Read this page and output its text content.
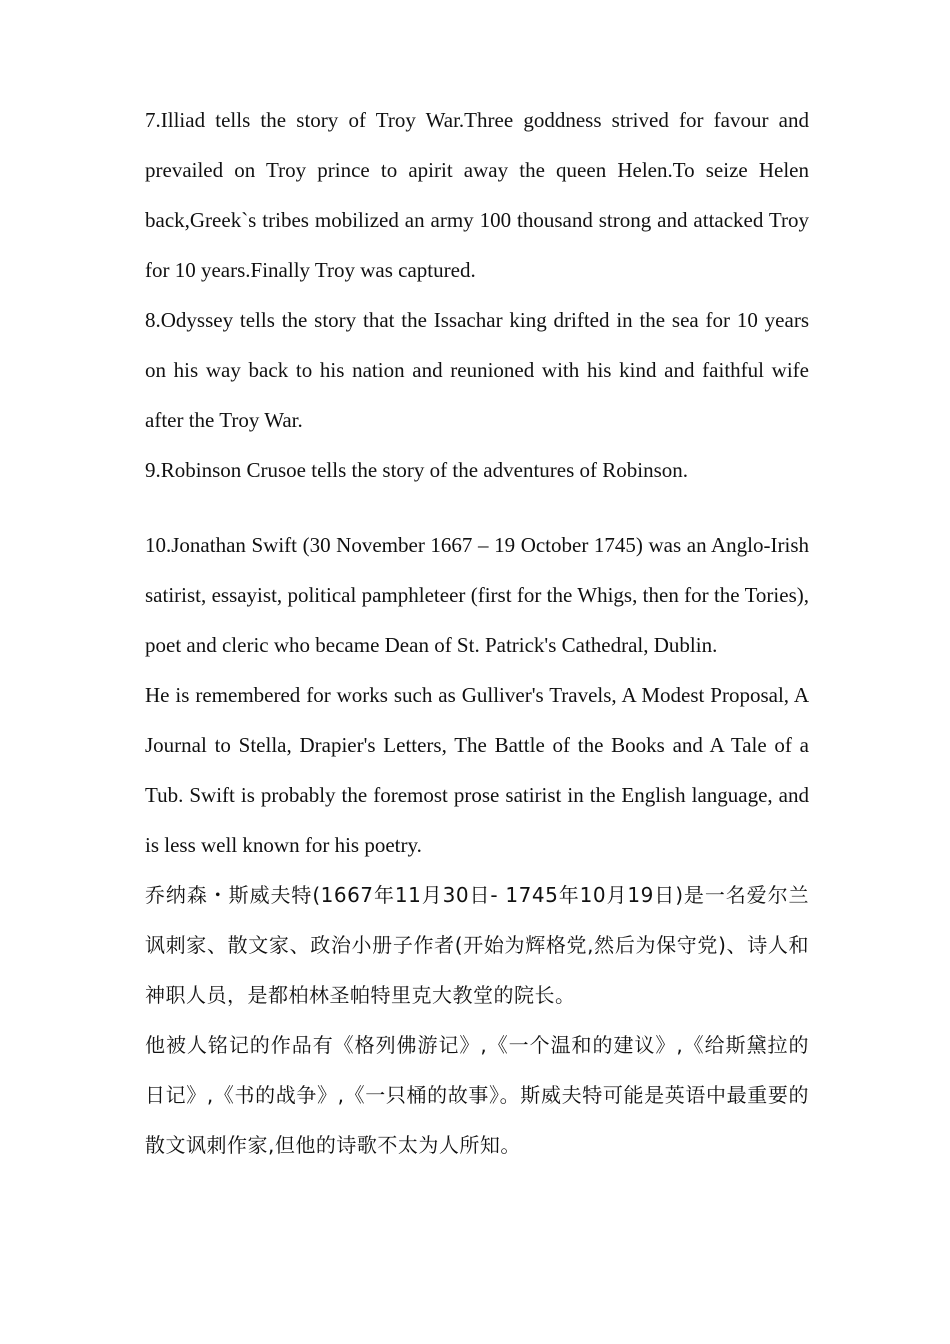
7.Illiad tells the story of Troy War.Three goddness strived for favour and prevailed on Troy prince to apirit away the queen Helen.To seize Helen back,Greek`s tribes mobilized an army 100 thousand strong and attacked Troy for 10 years.Finally Troy was captured.

8.Odyssey tells the story that the Issachar king drifted in the sea for 10 years on his way back to his nation and reunioned with his kind and faithful wife after the Troy War.

9.Robinson Crusoe tells the story of the adventures of Robinson.

10.Jonathan Swift (30 November 1667 – 19 October 1745) was an Anglo-Irish satirist, essayist, political pamphleteer (first for the Whigs, then for the Tories), poet and cleric who became Dean of St. Patrick's Cathedral, Dublin.

He is remembered for works such as Gulliver's Travels, A Modest Proposal, A Journal to Stella, Drapier's Letters, The Battle of the Books and A Tale of a Tub. Swift is probably the foremost prose satirist in the English language, and is less well known for his poetry.

乔纳森・斯威夫特(1667年11月30日- 1745年10月19日)是一名爱尔兰讽刺家、散文家、政治小册子作者(开始为辉格党,然后为保守党)、诗人和神职人员，是都柏林圣帕特里克大教堂的院长。

他被人铭记的作品有《格列佛游记》,《一个温和的建议》,《给斯黛拉的日记》,《书的战争》,《一只桶的故事》。斯威夫特可能是英语中最重要的散文讽刺作家,但他的诗歌不太为人所知。
